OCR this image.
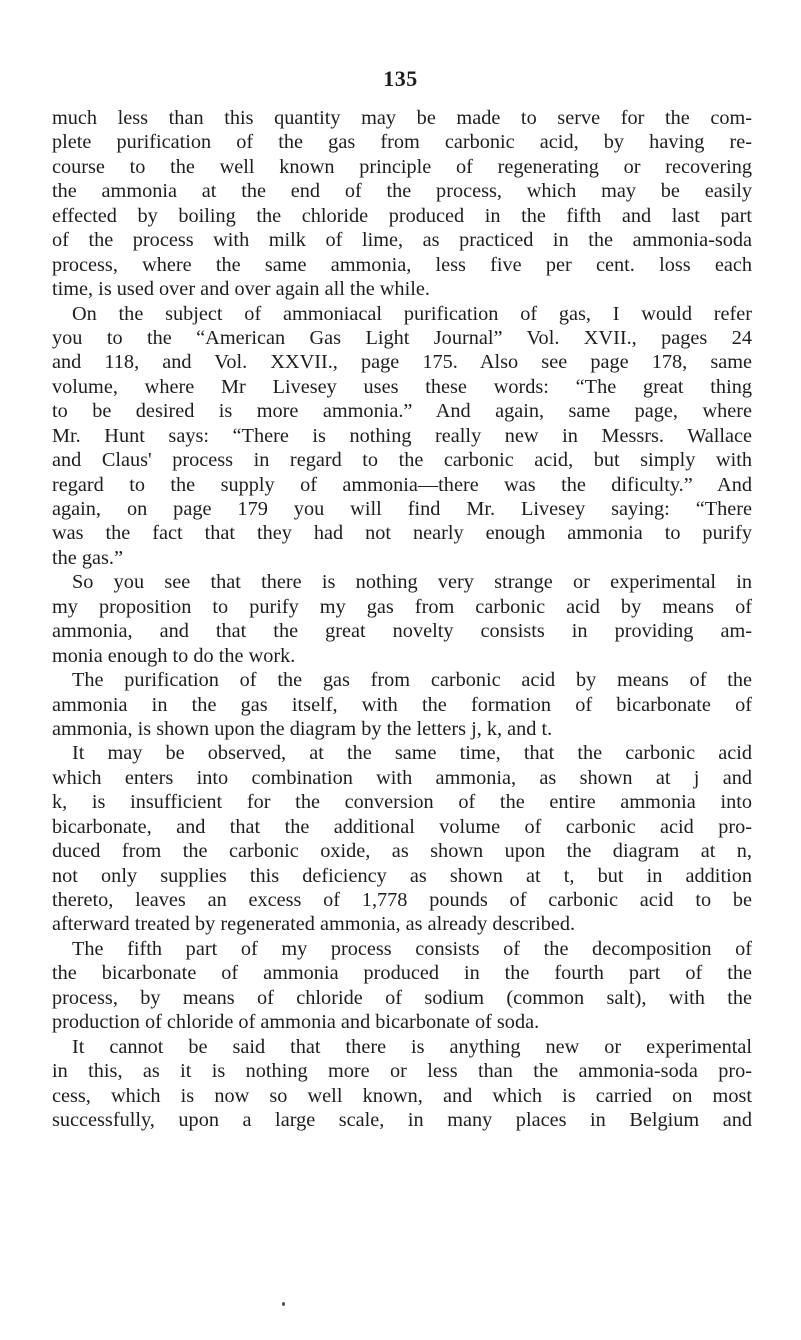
135
much less than this quantity may be made to serve for the com-
plete purification of the gas from carbonic acid, by having re-
course to the well known principle of regenerating or recovering
the ammonia at the end of the process, which may be easily
effected by boiling the chloride produced in the fifth and last part
of the process with milk of lime, as practiced in the ammonia-soda
process, where the same ammonia, less five per cent. loss each
time, is used over and over again all the while.
On the subject of ammoniacal purification of gas, I would refer
you to the “American Gas Light Journal” Vol. XVII., pages 24
and 118, and Vol. XXVII., page 175. Also see page 178, same
volume, where Mr Livesey uses these words: “The great thing
to be desired is more ammonia.” And again, same page, where
Mr. Hunt says: “There is nothing really new in Messrs. Wallace
and Claus' process in regard to the carbonic acid, but simply with
regard to the supply of ammonia—there was the dificulty.” And
again, on page 179 you will find Mr. Livesey saying: “There
was the fact that they had not nearly enough ammonia to purify
the gas.”
So you see that there is nothing very strange or experimental in
my proposition to purify my gas from carbonic acid by means of
ammonia, and that the great novelty consists in providing am-
monia enough to do the work.
The purification of the gas from carbonic acid by means of the
ammonia in the gas itself, with the formation of bicarbonate of
ammonia, is shown upon the diagram by the letters j, k, and t.
It may be observed, at the same time, that the carbonic acid
which enters into combination with ammonia, as shown at j and
k, is insufficient for the conversion of the entire ammonia into
bicarbonate, and that the additional volume of carbonic acid pro-
duced from the carbonic oxide, as shown upon the diagram at n,
not only supplies this deficiency as shown at t, but in addition
thereto, leaves an excess of 1,778 pounds of carbonic acid to be
afterward treated by regenerated ammonia, as already described.
The fifth part of my process consists of the decomposition of
the bicarbonate of ammonia produced in the fourth part of the
process, by means of chloride of sodium (common salt), with the
production of chloride of ammonia and bicarbonate of soda.
It cannot be said that there is anything new or experimental
in this, as it is nothing more or less than the ammonia-soda pro-
cess, which is now so well known, and which is carried on most
successfully, upon a large scale, in many places in Belgium and
